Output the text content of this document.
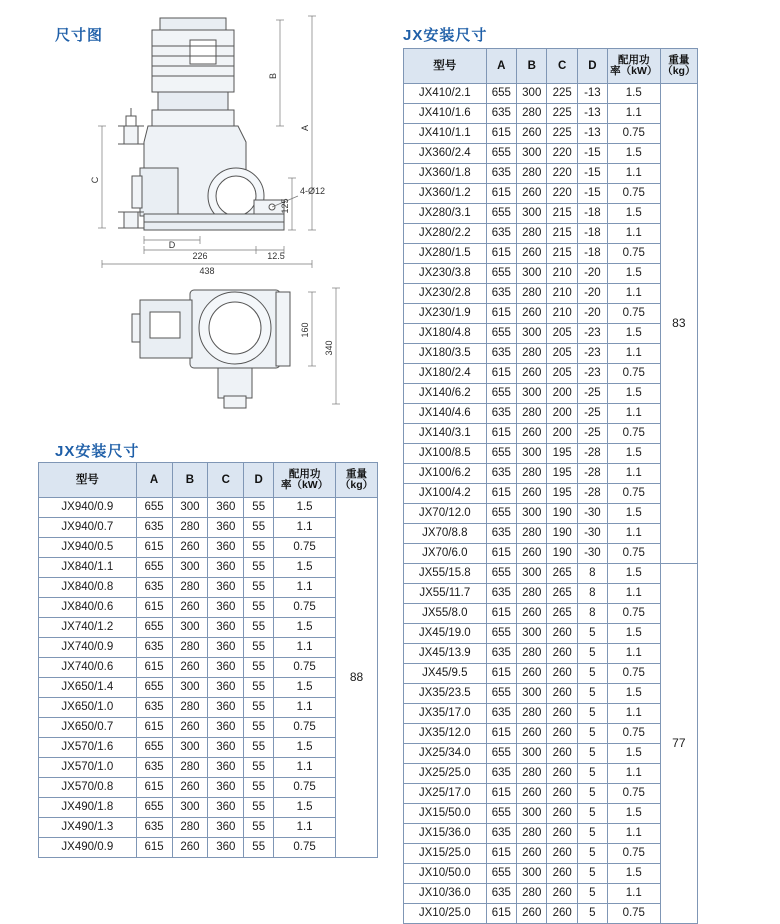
尺寸图
A
B
C
125
D
226	12.5
438
4-Ø12
160
340
JX安装尺寸
型号	A	B	C	D	配用功
率（kW）	重量
（kg）

JX940/0.9	655	300	360	55	1.5	88
JX940/0.7	635	280	360	55	1.1	
JX940/0.5	615	260	360	55	0.75	
JX840/1.1	655	300	360	55	1.5	
JX840/0.8	635	280	360	55	1.1	
JX840/0.6	615	260	360	55	0.75	
JX740/1.2	655	300	360	55	1.5	
JX740/0.9	635	280	360	55	1.1	
JX740/0.6	615	260	360	55	0.75	
JX650/1.4	655	300	360	55	1.5	
JX650/1.0	635	280	360	55	1.1	
JX650/0.7	615	260	360	55	0.75	
JX570/1.6	655	300	360	55	1.5	
JX570/1.0	635	280	360	55	1.1	
JX570/0.8	615	260	360	55	0.75	
JX490/1.8	655	300	360	55	1.5	
JX490/1.3	635	280	360	55	1.1	
JX490/0.9	615	260	360	55	0.75	
JX安装尺寸
型号	A	B	C	D	配用功
率（kW）	重量
（kg）

JX410/2.1	655	300	225	-13	1.5	83
JX410/1.6	635	280	225	-13	1.1	
JX410/1.1	615	260	225	-13	0.75	
JX360/2.4	655	300	220	-15	1.5	
JX360/1.8	635	280	220	-15	1.1	
JX360/1.2	615	260	220	-15	0.75	
JX280/3.1	655	300	215	-18	1.5	
JX280/2.2	635	280	215	-18	1.1	
JX280/1.5	615	260	215	-18	0.75	
JX230/3.8	655	300	210	-20	1.5	
JX230/2.8	635	280	210	-20	1.1	
JX230/1.9	615	260	210	-20	0.75	
JX180/4.8	655	300	205	-23	1.5	
JX180/3.5	635	280	205	-23	1.1	
JX180/2.4	615	260	205	-23	0.75	
JX140/6.2	655	300	200	-25	1.5	
JX140/4.6	635	280	200	-25	1.1	
JX140/3.1	615	260	200	-25	0.75	
JX100/8.5	655	300	195	-28	1.5	
JX100/6.2	635	280	195	-28	1.1	
JX100/4.2	615	260	195	-28	0.75	
JX70/12.0	655	300	190	-30	1.5	
JX70/8.8	635	280	190	-30	1.1	
JX70/6.0	615	260	190	-30	0.75	
JX55/15.8	655	300	265	8	1.5	77
JX55/11.7	635	280	265	8	1.1	
JX55/8.0	615	260	265	8	0.75	
JX45/19.0	655	300	260	5	1.5	
JX45/13.9	635	280	260	5	1.1	
JX45/9.5	615	260	260	5	0.75	
JX35/23.5	655	300	260	5	1.5	
JX35/17.0	635	280	260	5	1.1	
JX35/12.0	615	260	260	5	0.75	
JX25/34.0	655	300	260	5	1.5	
JX25/25.0	635	280	260	5	1.1	
JX25/17.0	615	260	260	5	0.75	
JX15/50.0	655	300	260	5	1.5	
JX15/36.0	635	280	260	5	1.1	
JX15/25.0	615	260	260	5	0.75	
JX10/50.0	655	300	260	5	1.5	
JX10/36.0	635	280	260	5	1.1	
JX10/25.0	615	260	260	5	0.75	
